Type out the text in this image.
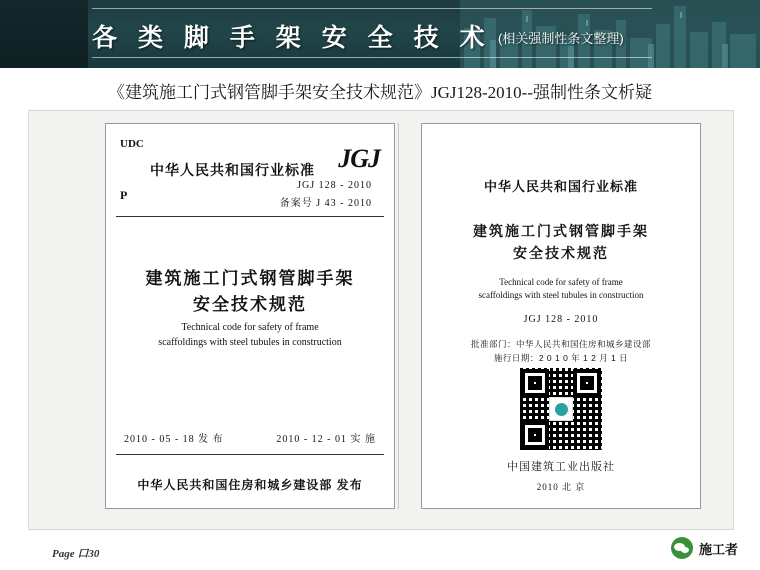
各 类 脚 手 架 安 全 技 术 (相关强制性条文整理)
《建筑施工门式钢管脚手架安全技术规范》JGJ128-2010--强制性条文析疑
UDC
P
中华人民共和国行业标准 JGJ
JGJ 128 - 2010
备案号 J 43 - 2010
建筑施工门式钢管脚手架
安全技术规范
Technical code for safety of frame
scaffoldings with steel tubules in construction
2010 - 05 - 18 发 布	2010 - 12 - 01 实 施
中华人民共和国住房和城乡建设部 发布
中华人民共和国行业标准
建筑施工门式钢管脚手架
安全技术规范
Technical code for safety of frame
scaffoldings with steel tubules in construction
JGJ 128 - 2010
批准部门：中华人民共和国住房和城乡建设部
施行日期：2 0 1 0 年 1 2 月 1 日
中国建筑工业出版社
2010 北 京
Page 口30	施工者
